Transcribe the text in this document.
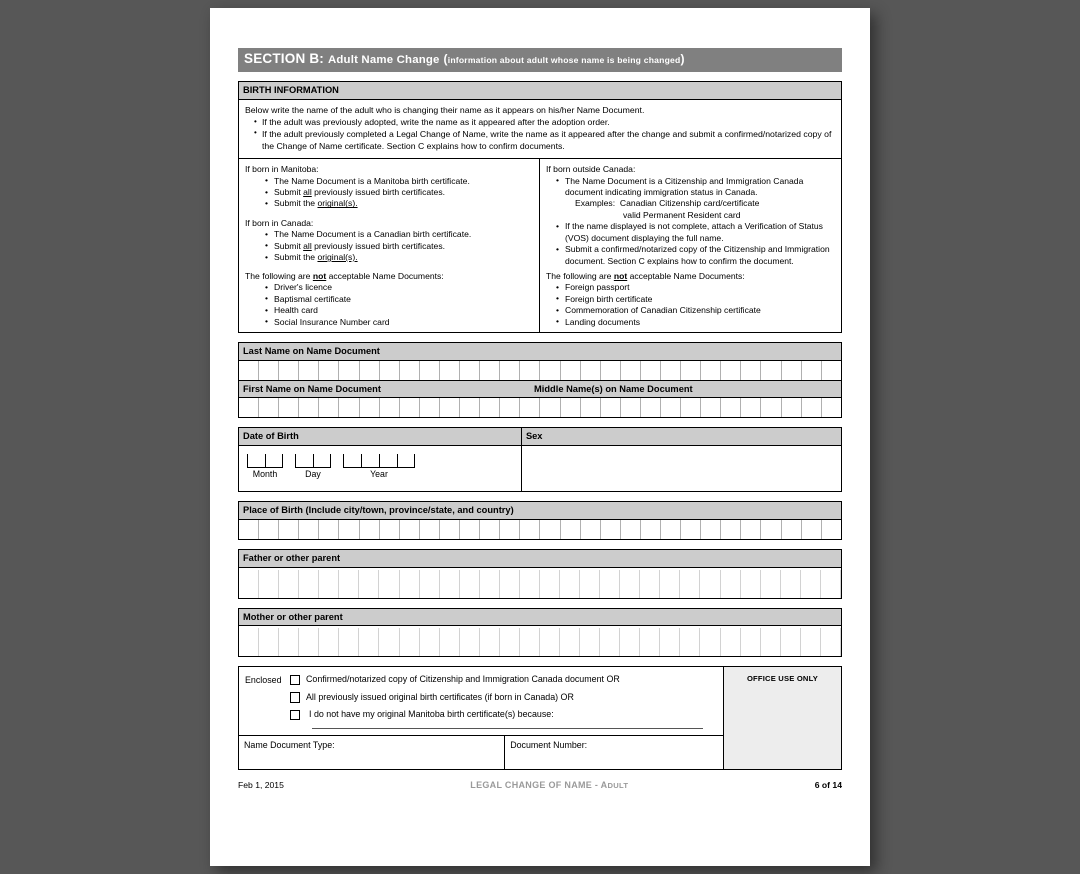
SECTION B: Adult Name Change (information about adult whose name is being changed)
BIRTH INFORMATION

Below write the name of the adult who is changing their name as it appears on his/her Name Document.

• If the adult was previously adopted, write the name as it appeared after the adoption order.
• If the adult previously completed a Legal Change of Name, write the name as it appeared after the change and submit a confirmed/notarized copy of the Change of Name certificate. Section C explains how to confirm documents.

If born in Manitoba:

• The Name Document is a Manitoba birth certificate.
• Submit all previously issued birth certificates.
• Submit the original(s).

If born in Canada:

• The Name Document is a Canadian birth certificate.
• Submit all previously issued birth certificates.
• Submit the original(s).

The following are not acceptable Name Documents:

• Driver's licence
• Baptismal certificate
• Health card
• Social Insurance Number card

If born outside Canada:

• The Name Document is a Citizenship and Immigration Canada document indicating immigration status in Canada.
Examples: Canadian Citizenship card/certificate
valid Permanent Resident card
• If the name displayed is not complete, attach a Verification of Status (VOS) document displaying the full name.
• Submit a confirmed/notarized copy of the Citizenship and Immigration document. Section C explains how to confirm the document.

The following are not acceptable Name Documents:

• Foreign passport
• Foreign birth certificate
• Commemoration of Canadian Citizenship certificate
• Landing documents
Last Name on Name Document
First Name on Name Document	Middle Name(s) on Name Document
Date of Birth
Month	Day	Year
Sex
Place of Birth (Include city/town, province/state, and country)
Father or other parent
Mother or other parent
Enclosed	Confirmed/notarized copy of Citizenship and Immigration Canada document OR
All previously issued original birth certificates (if born in Canada) OR
I do not have my original Manitoba birth certificate(s) because:
Name Document Type:	Document Number:
OFFICE USE ONLY
Feb 1, 2015	LEGAL CHANGE OF NAME - ADULT	6 of 14
